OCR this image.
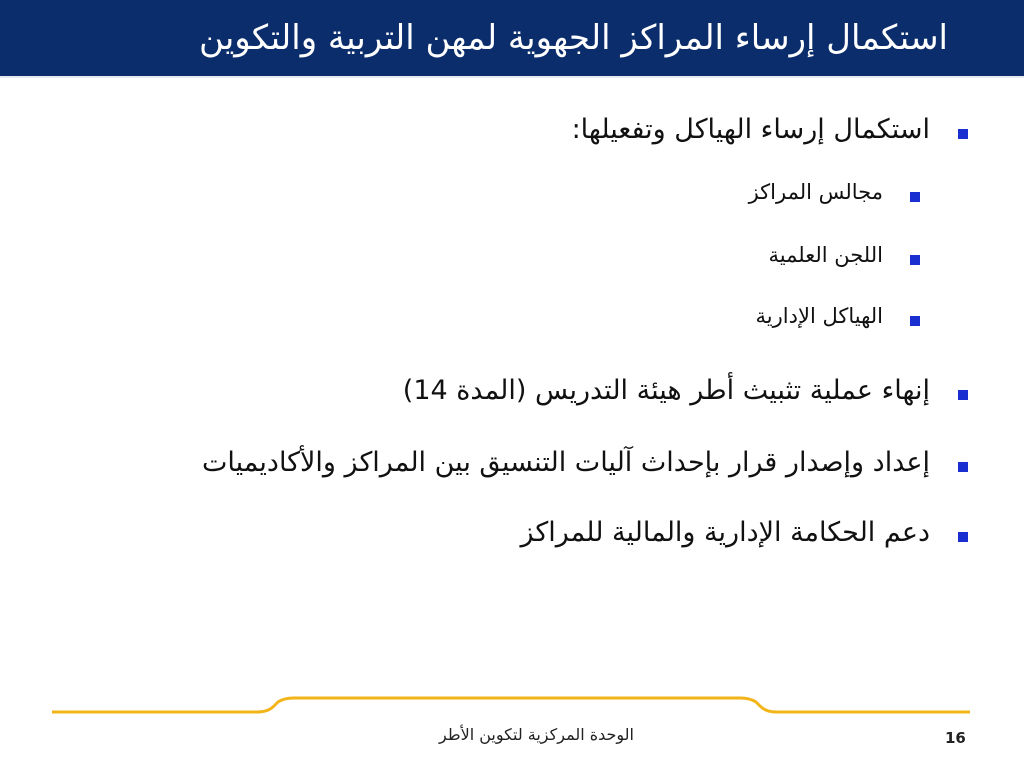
استكمال إرساء المراكز الجهوية لمهن التربية والتكوين
استكمال إرساء الهياكل وتفعيلها:
مجالس المراكز
اللجن العلمية
الهياكل الإدارية
إنهاء عملية تثبيث أطر هيئة التدريس (المدة 14)
إعداد وإصدار قرار بإحداث آليات التنسيق بين المراكز والأكاديميات
دعم الحكامة الإدارية والمالية للمراكز
الوحدة المركزية لتكوين الأطر	16
